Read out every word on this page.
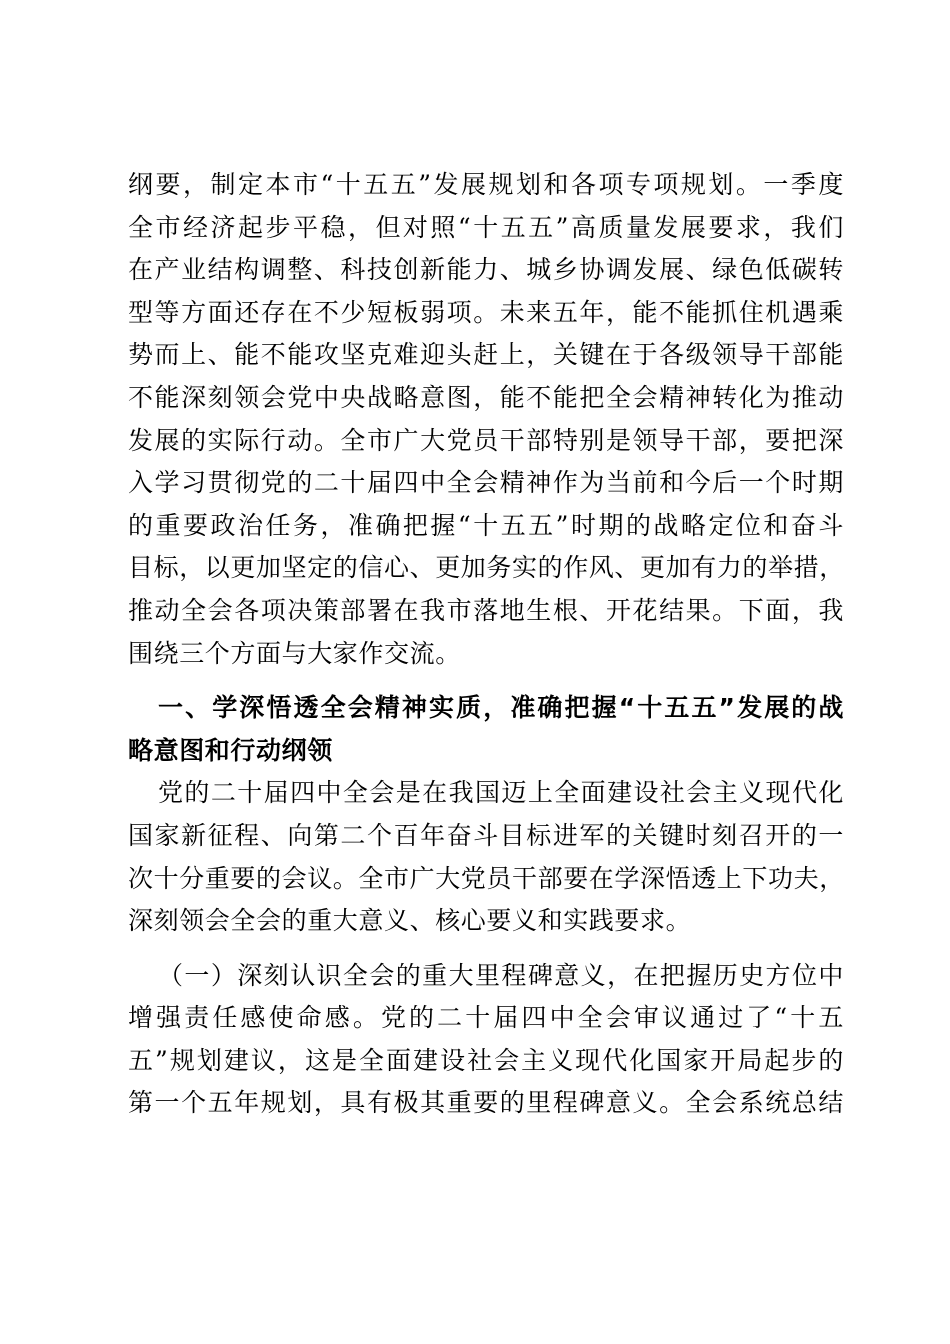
纲要，制定本市“十五五”发展规划和各项专项规划。一季度
全市经济起步平稳，但对照“十五五”高质量发展要求，我们
在产业结构调整、科技创新能力、城乡协调发展、绿色低碳转
型等方面还存在不少短板弱项。未来五年，能不能抓住机遇乘
势而上、能不能攻坚克难迎头赶上，关键在于各级领导干部能
不能深刻领会党中央战略意图，能不能把全会精神转化为推动
发展的实际行动。全市广大党员干部特别是领导干部，要把深
入学习贯彻党的二十届四中全会精神作为当前和今后一个时期
的重要政治任务，准确把握“十五五”时期的战略定位和奋斗
目标，以更加坚定的信心、更加务实的作风、更加有力的举措，
推动全会各项决策部署在我市落地生根、开花结果。下面，我
围绕三个方面与大家作交流。
一、学深悟透全会精神实质，准确把握“十五五”发展的战
略意图和行动纲领
党的二十届四中全会是在我国迈上全面建设社会主义现代化
国家新征程、向第二个百年奋斗目标进军的关键时刻召开的一
次十分重要的会议。全市广大党员干部要在学深悟透上下功夫，
深刻领会全会的重大意义、核心要义和实践要求。
（一）深刻认识全会的重大里程碑意义，在把握历史方位中
增强责任感使命感。党的二十届四中全会审议通过了“十五
五”规划建议，这是全面建设社会主义现代化国家开局起步的
第一个五年规划，具有极其重要的里程碑意义。全会系统总结
